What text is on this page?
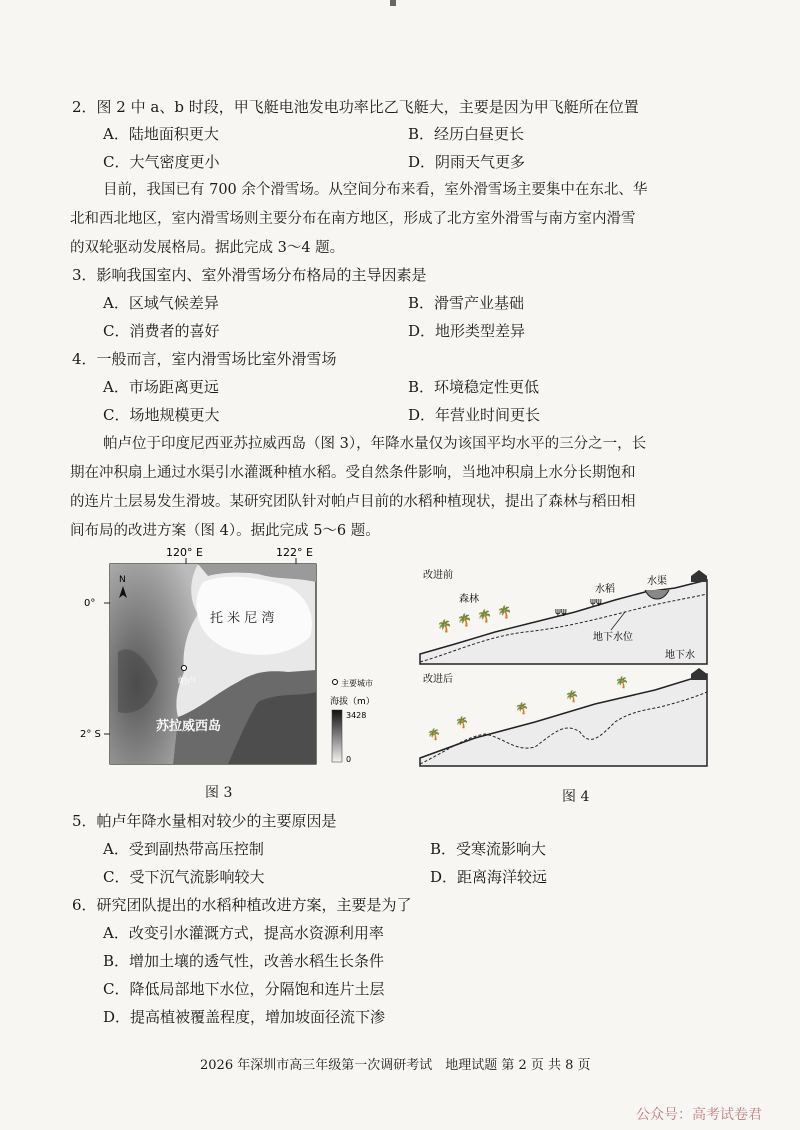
2．图 2 中 a、b 时段，甲飞艇电池发电功率比乙飞艇大，主要是因为甲飞艇所在位置
A．陆地面积更大	B．经历白昼更长
C．大气密度更小	D．阴雨天气更多
目前，我国已有 700 余个滑雪场。从空间分布来看，室外滑雪场主要集中在东北、华
北和西北地区，室内滑雪场则主要分布在南方地区，形成了北方室外滑雪与南方室内滑雪
的双轮驱动发展格局。据此完成 3～4 题。
3．影响我国室内、室外滑雪场分布格局的主导因素是
A．区域气候差异	B．滑雪产业基础
C．消费者的喜好	D．地形类型差异
4．一般而言，室内滑雪场比室外滑雪场
A．市场距离更远	B．环境稳定性更低
C．场地规模更大	D．年营业时间更长
帕卢位于印度尼西亚苏拉威西岛（图 3），年降水量仅为该国平均水平的三分之一，长
期在冲积扇上通过水渠引水灌溉种植水稻。受自然条件影响，当地冲积扇上水分长期饱和
的连片土层易发生滑坡。某研究团队针对帕卢目前的水稻种植现状，提出了森林与稻田相
间布局的改进方案（图 4）。据此完成 5～6 题。
120° E	122° E
N
0°
2° S
托 米 尼 湾
帕卢
苏拉威西岛
主要城市
海拔（m）
3428
0
图 3
改进前
🌴 🌴 🌴 🌴
森林
ψψ
ψψ
水稻
水渠
地下水位
地下水
改进后
🌴
🌴
🌴
🌴
🌴
图 4
5．帕卢年降水量相对较少的主要原因是
A．受到副热带高压控制	B．受寒流影响大
C．受下沉气流影响较大	D．距离海洋较远
6．研究团队提出的水稻种植改进方案，主要是为了
A．改变引水灌溉方式，提高水资源利用率
B．增加土壤的透气性，改善水稻生长条件
C．降低局部地下水位，分隔饱和连片土层
D．提高植被覆盖程度，增加坡面径流下渗
2026 年深圳市高三年级第一次调研考试　地理试题 第 2 页 共 8 页
公众号：高考试卷君
